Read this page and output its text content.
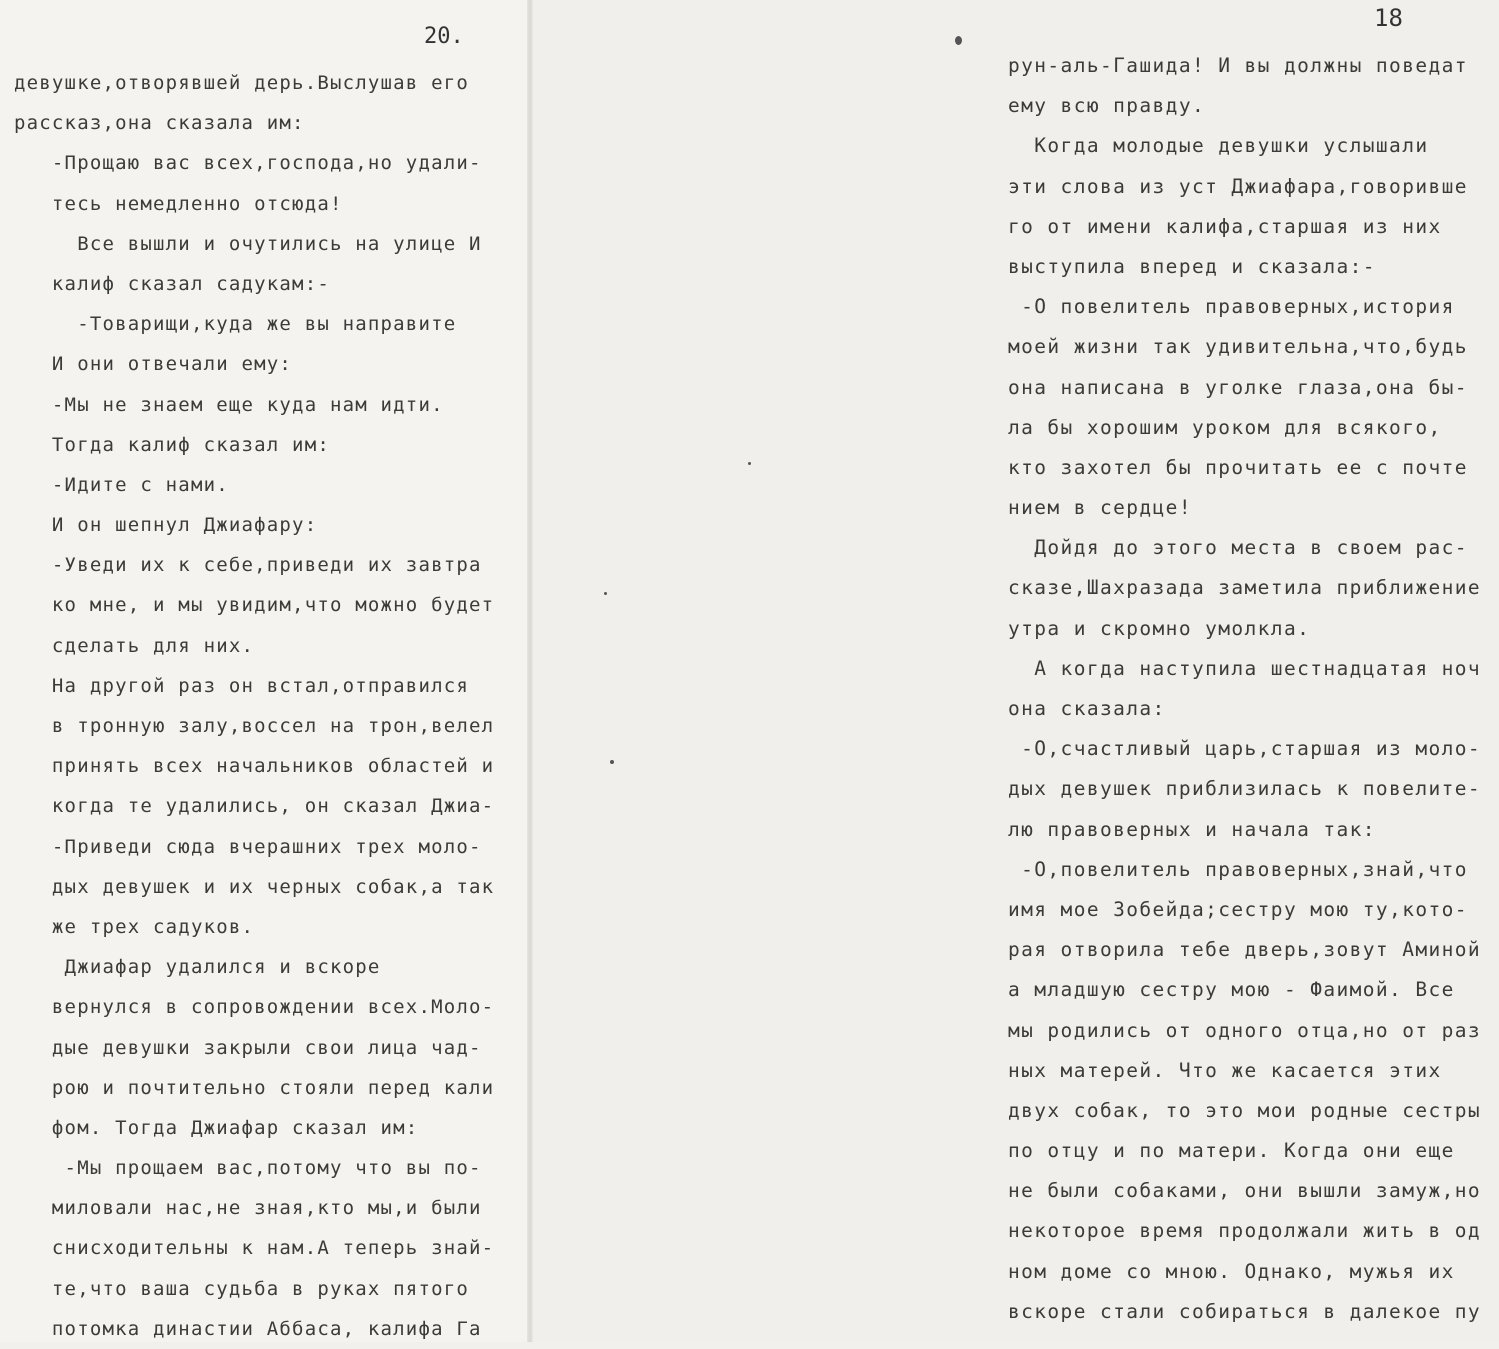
20.
18
девушке,отворявшей дерь.Выслушав его
рассказ,она сказала им:
-Прощаю вас всех,господа,но удали-
тесь немедленно отсюда!
Все вышли и очутились на улице И
калиф сказал садукам:-
-Товарищи,куда же вы направите
И они отвечали ему:
-Мы не знаем еще куда нам идти.
Тогда калиф сказал им:
-Идите с нами.
И он шепнул Джиафару:
-Уведи их к себе,приведи их завтра
ко мне, и мы увидим,что можно будет
сделать для них.
На другой раз он встал,отправился
в тронную залу,воссел на трон,велел
принять всех начальников областей и
когда те удалились, он сказал Джиа-
-Приведи сюда вчерашних трех моло-
дых девушек и их черных собак,а так
же трех садуков.
Джиафар удалился и вскоре
вернулся в сопровождении всех.Моло-
дые девушки закрыли свои лица чад-
рою и почтительно стояли перед кали
фом. Тогда Джиафар сказал им:
-Мы прощаем вас,потому что вы по-
миловали нас,не зная,кто мы,и были
снисходительны к нам.А теперь знай-
те,что ваша судьба в руках пятого
потомка династии Аббаса, калифа Га
рун-аль-Гашида! И вы должны поведат
ему всю правду.
Когда молодые девушки услышали
эти слова из уст Джиафара,говорившe
го от имени калифа,старшая из них
выступила вперед и сказала:-
-О повелитель правоверных,история
моей жизни так удивительна,что,будь
она написана в уголке глаза,она бы-
ла бы хорошим уроком для всякого,
кто захотел бы прочитать ее с почте
нием в сердце!
Дойдя до этого места в своем рас-
сказе,Шахразада заметила приближение
утра и скромно умолкла.
А когда наступила шестнадцатая ноч
она сказала:
-О,счастливый царь,старшая из моло-
дых девушек приблизилась к повелите-
лю правоверных и начала так:
-О,повелитель правоверных,знай,что
имя мое Зобейда;сестру мою ту,кото-
рая отворила тебе дверь,зовут Аминой
а младшую сестру мою - Фаимой. Все
мы родились от одного отца,но от раз
ных матерей. Что же касается этих
двух собак, то это мои родные сестры
по отцу и по матери. Когда они еще
не были собаками, они вышли замуж,но
некоторое время продолжали жить в од
ном доме со мною. Однако, мужья их
вскоре стали собираться в далекое пу
